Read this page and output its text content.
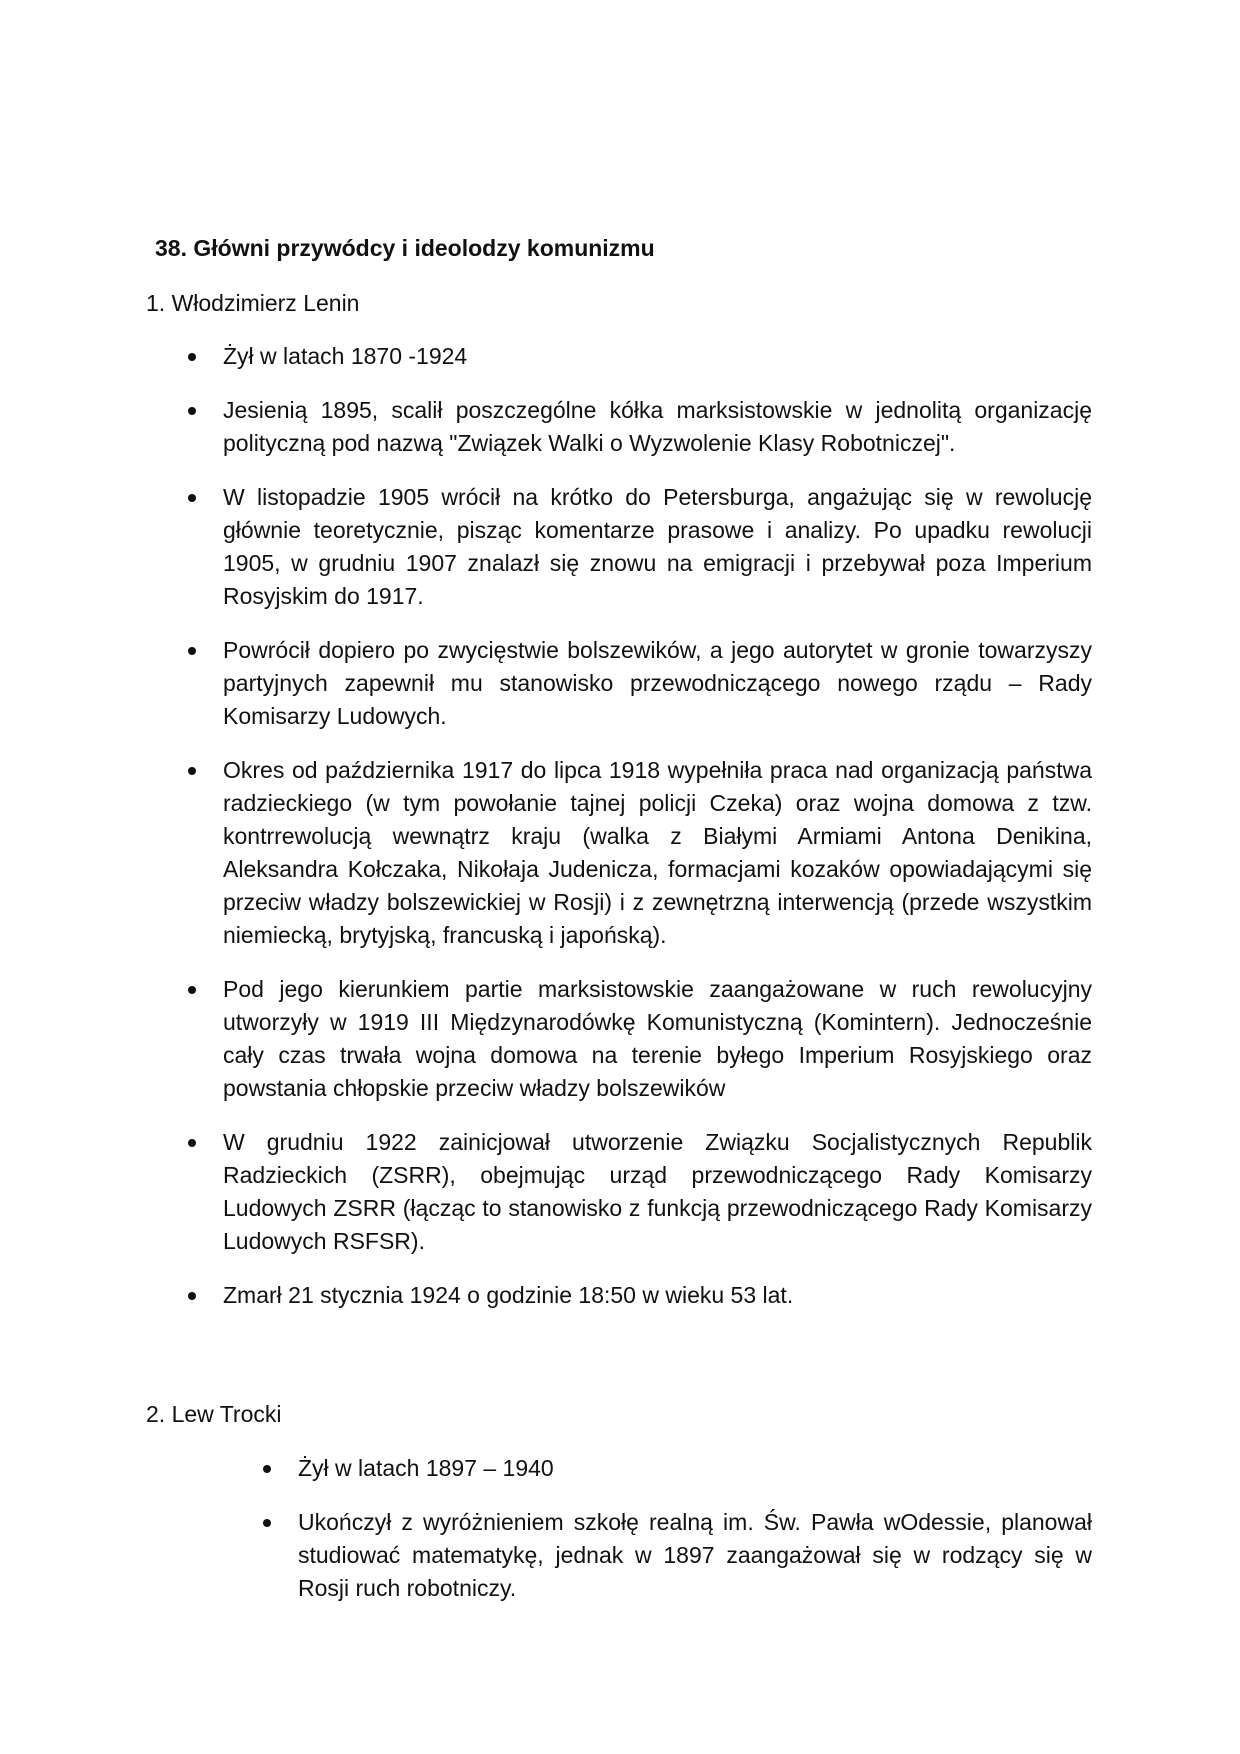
38. Główni przywódcy i ideolodzy komunizmu

1. Włodzimierz Lenin

Żył w latach 1870 -1924
Jesienią 1895, scalił poszczególne kółka marksistowskie w jednolitą organizację polityczną pod nazwą "Związek Walki o Wyzwolenie Klasy Robotniczej".
W listopadzie 1905 wrócił na krótko do Petersburga, angażując się w rewolucję głównie teoretycznie, pisząc komentarze prasowe i analizy. Po upadku rewolucji 1905, w grudniu 1907 znalazł się znowu na emigracji i przebywał poza Imperium Rosyjskim do 1917.
Powrócił dopiero po zwycięstwie bolszewików, a jego autorytet w gronie towarzyszy partyjnych zapewnił mu stanowisko przewodniczącego nowego rządu – Rady Komisarzy Ludowych.
Okres od października 1917 do lipca 1918 wypełniła praca nad organizacją państwa radzieckiego (w tym powołanie tajnej policji Czeka) oraz wojna domowa z tzw. kontrrewolucją wewnątrz kraju (walka z Białymi Armiami Antona Denikina, Aleksandra Kołczaka, Nikołaja Judenicza, formacjami kozaków opowiadającymi się przeciw władzy bolszewickiej w Rosji) i z zewnętrzną interwencją (przede wszystkim niemiecką, brytyjską, francuską i japońską).
Pod jego kierunkiem partie marksistowskie zaangażowane w ruch rewolucyjny utworzyły w 1919 III Międzynarodówkę Komunistyczną (Komintern). Jednocześnie cały czas trwała wojna domowa na terenie byłego Imperium Rosyjskiego oraz powstania chłopskie przeciw władzy bolszewików
W grudniu 1922 zainicjował utworzenie Związku Socjalistycznych Republik Radzieckich (ZSRR), obejmując urząd przewodniczącego Rady Komisarzy Ludowych ZSRR (łącząc to stanowisko z funkcją przewodniczącego Rady Komisarzy Ludowych RSFSR).
Zmarł 21 stycznia 1924 o godzinie 18:50 w wieku 53 lat.

2. Lew Trocki

Żył w latach 1897 – 1940
Ukończył z wyróżnieniem szkołę realną im. Św. Pawła wOdessie, planował studiować matematykę, jednak w 1897 zaangażował się w rodzący się w Rosji ruch robotniczy.
